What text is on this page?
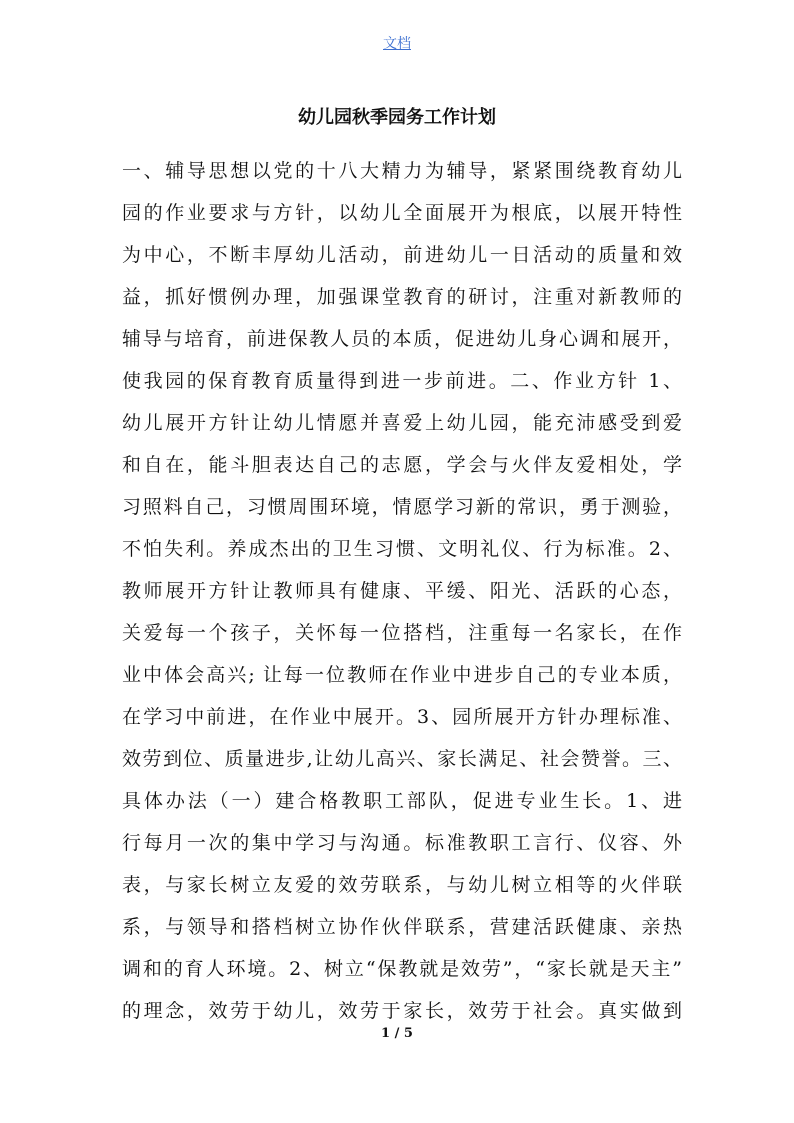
文档
幼儿园秋季园务工作计划
一、辅导思想以党的十八大精力为辅导，紧紧围绕教育幼儿
园的作业要求与方针，以幼儿全面展开为根底，以展开特性
为中心，不断丰厚幼儿活动，前进幼儿一日活动的质量和效
益，抓好惯例办理，加强课堂教育的研讨，注重对新教师的
辅导与培育，前进保教人员的本质，促进幼儿身心调和展开，
使我园的保育教育质量得到进一步前进。二、作业方针 1、
幼儿展开方针让幼儿情愿并喜爱上幼儿园，能充沛感受到爱
和自在，能斗胆表达自己的志愿，学会与火伴友爱相处，学
习照料自己，习惯周围环境，情愿学习新的常识，勇于测验，
不怕失利。养成杰出的卫生习惯、文明礼仪、行为标准。2、
教师展开方针让教师具有健康、平缓、阳光、活跃的心态，
关爱每一个孩子，关怀每一位搭档，注重每一名家长，在作
业中体会高兴; 让每一位教师在作业中进步自己的专业本质，
在学习中前进，在作业中展开。3、园所展开方针办理标准、
效劳到位、质量进步,让幼儿高兴、家长满足、社会赞誉。三、
具体办法（一）建合格教职工部队，促进专业生长。1、进
行每月一次的集中学习与沟通。标准教职工言行、仪容、外
表，与家长树立友爱的效劳联系，与幼儿树立相等的火伴联
系，与领导和搭档树立协作伙伴联系，营建活跃健康、亲热
调和的育人环境。2、树立“保教就是效劳”，“家长就是天主”
的理念，效劳于幼儿，效劳于家长，效劳于社会。真实做到
1 / 5
